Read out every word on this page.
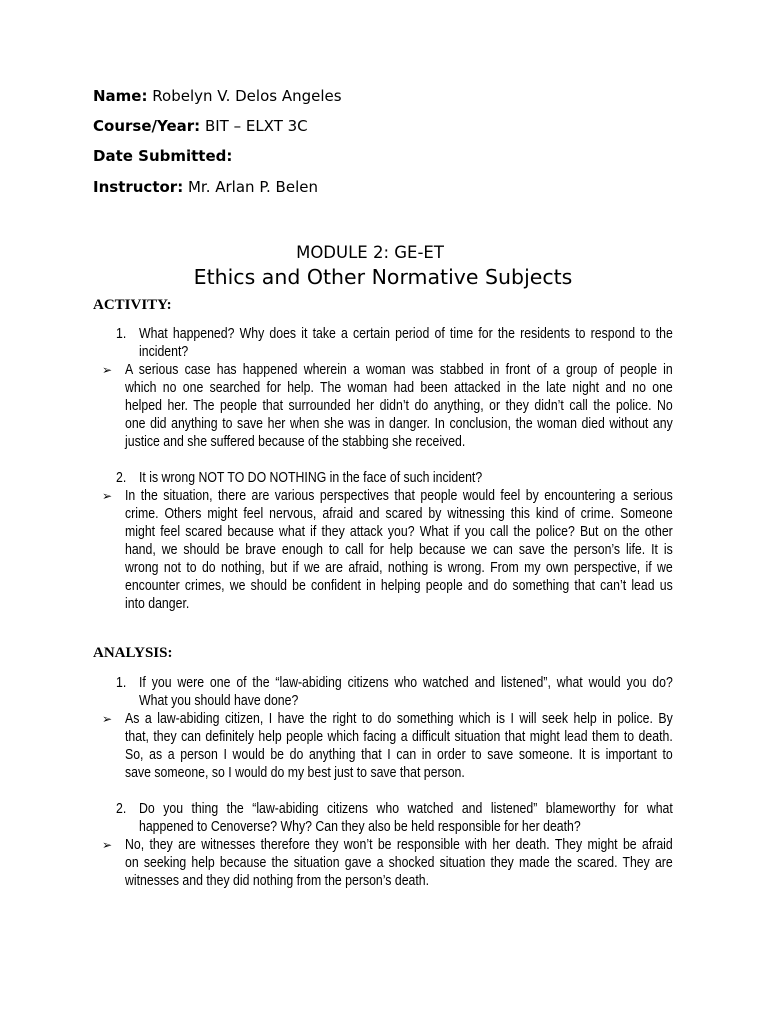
Name: Robelyn V. Delos Angeles
Course/Year: BIT – ELXT 3C
Date Submitted:
Instructor: Mr. Arlan P. Belen
MODULE 2: GE-ET
Ethics and Other Normative Subjects
ACTIVITY:
1. What happened? Why does it take a certain period of time for the residents to respond to the
incident?
➢
A serious case has happened wherein a woman was stabbed in front of a group of people in
which no one searched for help. The woman had been attacked in the late night and no one
helped her. The people that surrounded her didn’t do anything, or they didn’t call the police. No
one did anything to save her when she was in danger. In conclusion, the woman died without any
justice and she suffered because of the stabbing she received.
2. It is wrong NOT TO DO NOTHING in the face of such incident?
➢
In the situation, there are various perspectives that people would feel by encountering a serious
crime. Others might feel nervous, afraid and scared by witnessing this kind of crime. Someone
might feel scared because what if they attack you? What if you call the police? But on the other
hand, we should be brave enough to call for help because we can save the person’s life. It is
wrong not to do nothing, but if we are afraid, nothing is wrong. From my own perspective, if we
encounter crimes, we should be confident in helping people and do something that can’t lead us
into danger.
ANALYSIS:
1. If you were one of the “law-abiding citizens who watched and listened”, what would you do?
What you should have done?
➢
As a law-abiding citizen, I have the right to do something which is I will seek help in police. By
that, they can definitely help people which facing a difficult situation that might lead them to death.
So, as a person I would be do anything that I can in order to save someone. It is important to
save someone, so I would do my best just to save that person.
2. Do you thing the “law-abiding citizens who watched and listened” blameworthy for what
happened to Cenoverse? Why? Can they also be held responsible for her death?
➢
No, they are witnesses therefore they won’t be responsible with her death. They might be afraid
on seeking help because the situation gave a shocked situation they made the scared. They are
witnesses and they did nothing from the person’s death.
